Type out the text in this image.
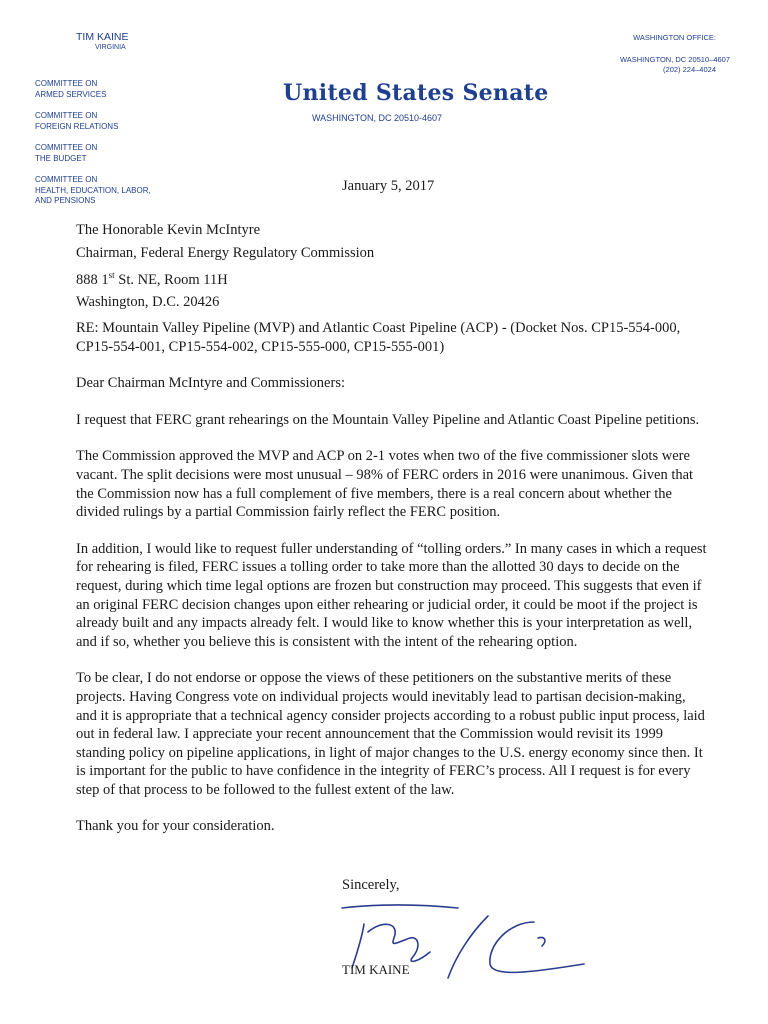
TIM KAINE
VIRGINIA
COMMITTEE ON
ARMED SERVICES
COMMITTEE ON
FOREIGN RELATIONS
COMMITTEE ON
THE BUDGET
COMMITTEE ON
HEALTH, EDUCATION, LABOR,
AND PENSIONS
WASHINGTON OFFICE:
WASHINGTON, DC 20510–4607
(202) 224–4024
United States Senate
WASHINGTON, DC 20510-4607
January 5, 2017
The Honorable Kevin McIntyre
Chairman, Federal Energy Regulatory Commission
888 1st St. NE, Room 11H
Washington, D.C. 20426

RE: Mountain Valley Pipeline (MVP) and Atlantic Coast Pipeline (ACP) - (Docket Nos. CP15-554-000, CP15-554-001, CP15-554-002, CP15-555-000, CP15-555-001)

Dear Chairman McIntyre and Commissioners:

I request that FERC grant rehearings on the Mountain Valley Pipeline and Atlantic Coast Pipeline petitions.

The Commission approved the MVP and ACP on 2-1 votes when two of the five commissioner slots were vacant. The split decisions were most unusual – 98% of FERC orders in 2016 were unanimous. Given that the Commission now has a full complement of five members, there is a real concern about whether the divided rulings by a partial Commission fairly reflect the FERC position.

In addition, I would like to request fuller understanding of “tolling orders.” In many cases in which a request for rehearing is filed, FERC issues a tolling order to take more than the allotted 30 days to decide on the request, during which time legal options are frozen but construction may proceed. This suggests that even if an original FERC decision changes upon either rehearing or judicial order, it could be moot if the project is already built and any impacts already felt. I would like to know whether this is your interpretation as well, and if so, whether you believe this is consistent with the intent of the rehearing option.

To be clear, I do not endorse or oppose the views of these petitioners on the substantive merits of these projects. Having Congress vote on individual projects would inevitably lead to partisan decision-making, and it is appropriate that a technical agency consider projects according to a robust public input process, laid out in federal law. I appreciate your recent announcement that the Commission would revisit its 1999 standing policy on pipeline applications, in light of major changes to the U.S. energy economy since then. It is important for the public to have confidence in the integrity of FERC’s process. All I request is for every step of that process to be followed to the fullest extent of the law.

Thank you for your consideration.

Sincerely,
TIM KAINE
